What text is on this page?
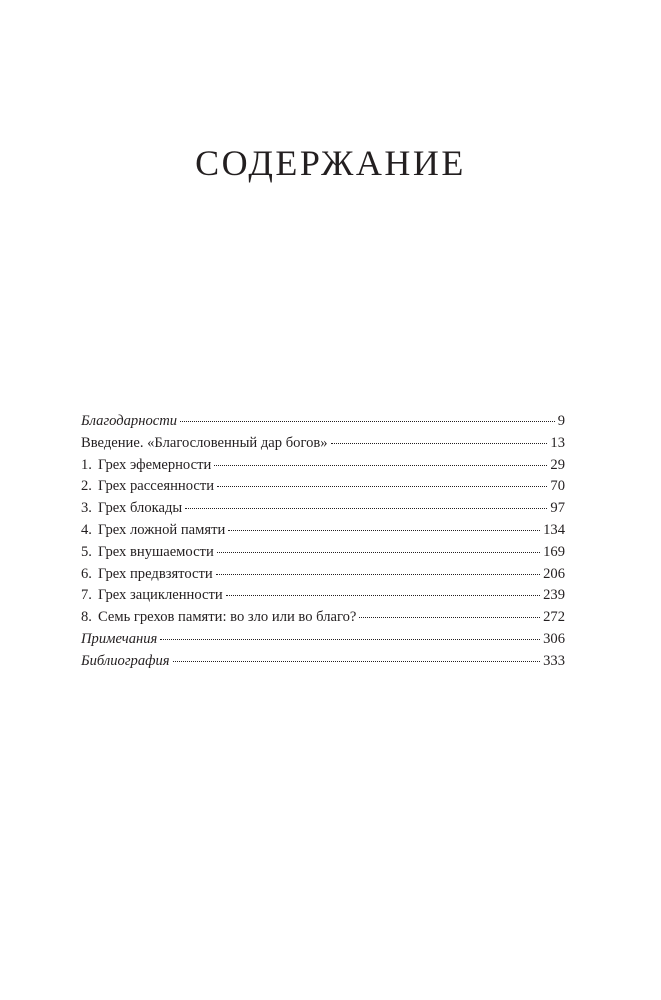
СОДЕРЖАНИЕ
Благодарности	9
Введение. «Благословенный дар богов»	13
1. Грех эфемерности	29
2. Грех рассеянности	70
3. Грех блокады	97
4. Грех ложной памяти	134
5. Грех внушаемости	169
6. Грех предвзятости	206
7. Грех зацикленности	239
8. Семь грехов памяти: во зло или во благо?	272
Примечания	306
Библиография	333
